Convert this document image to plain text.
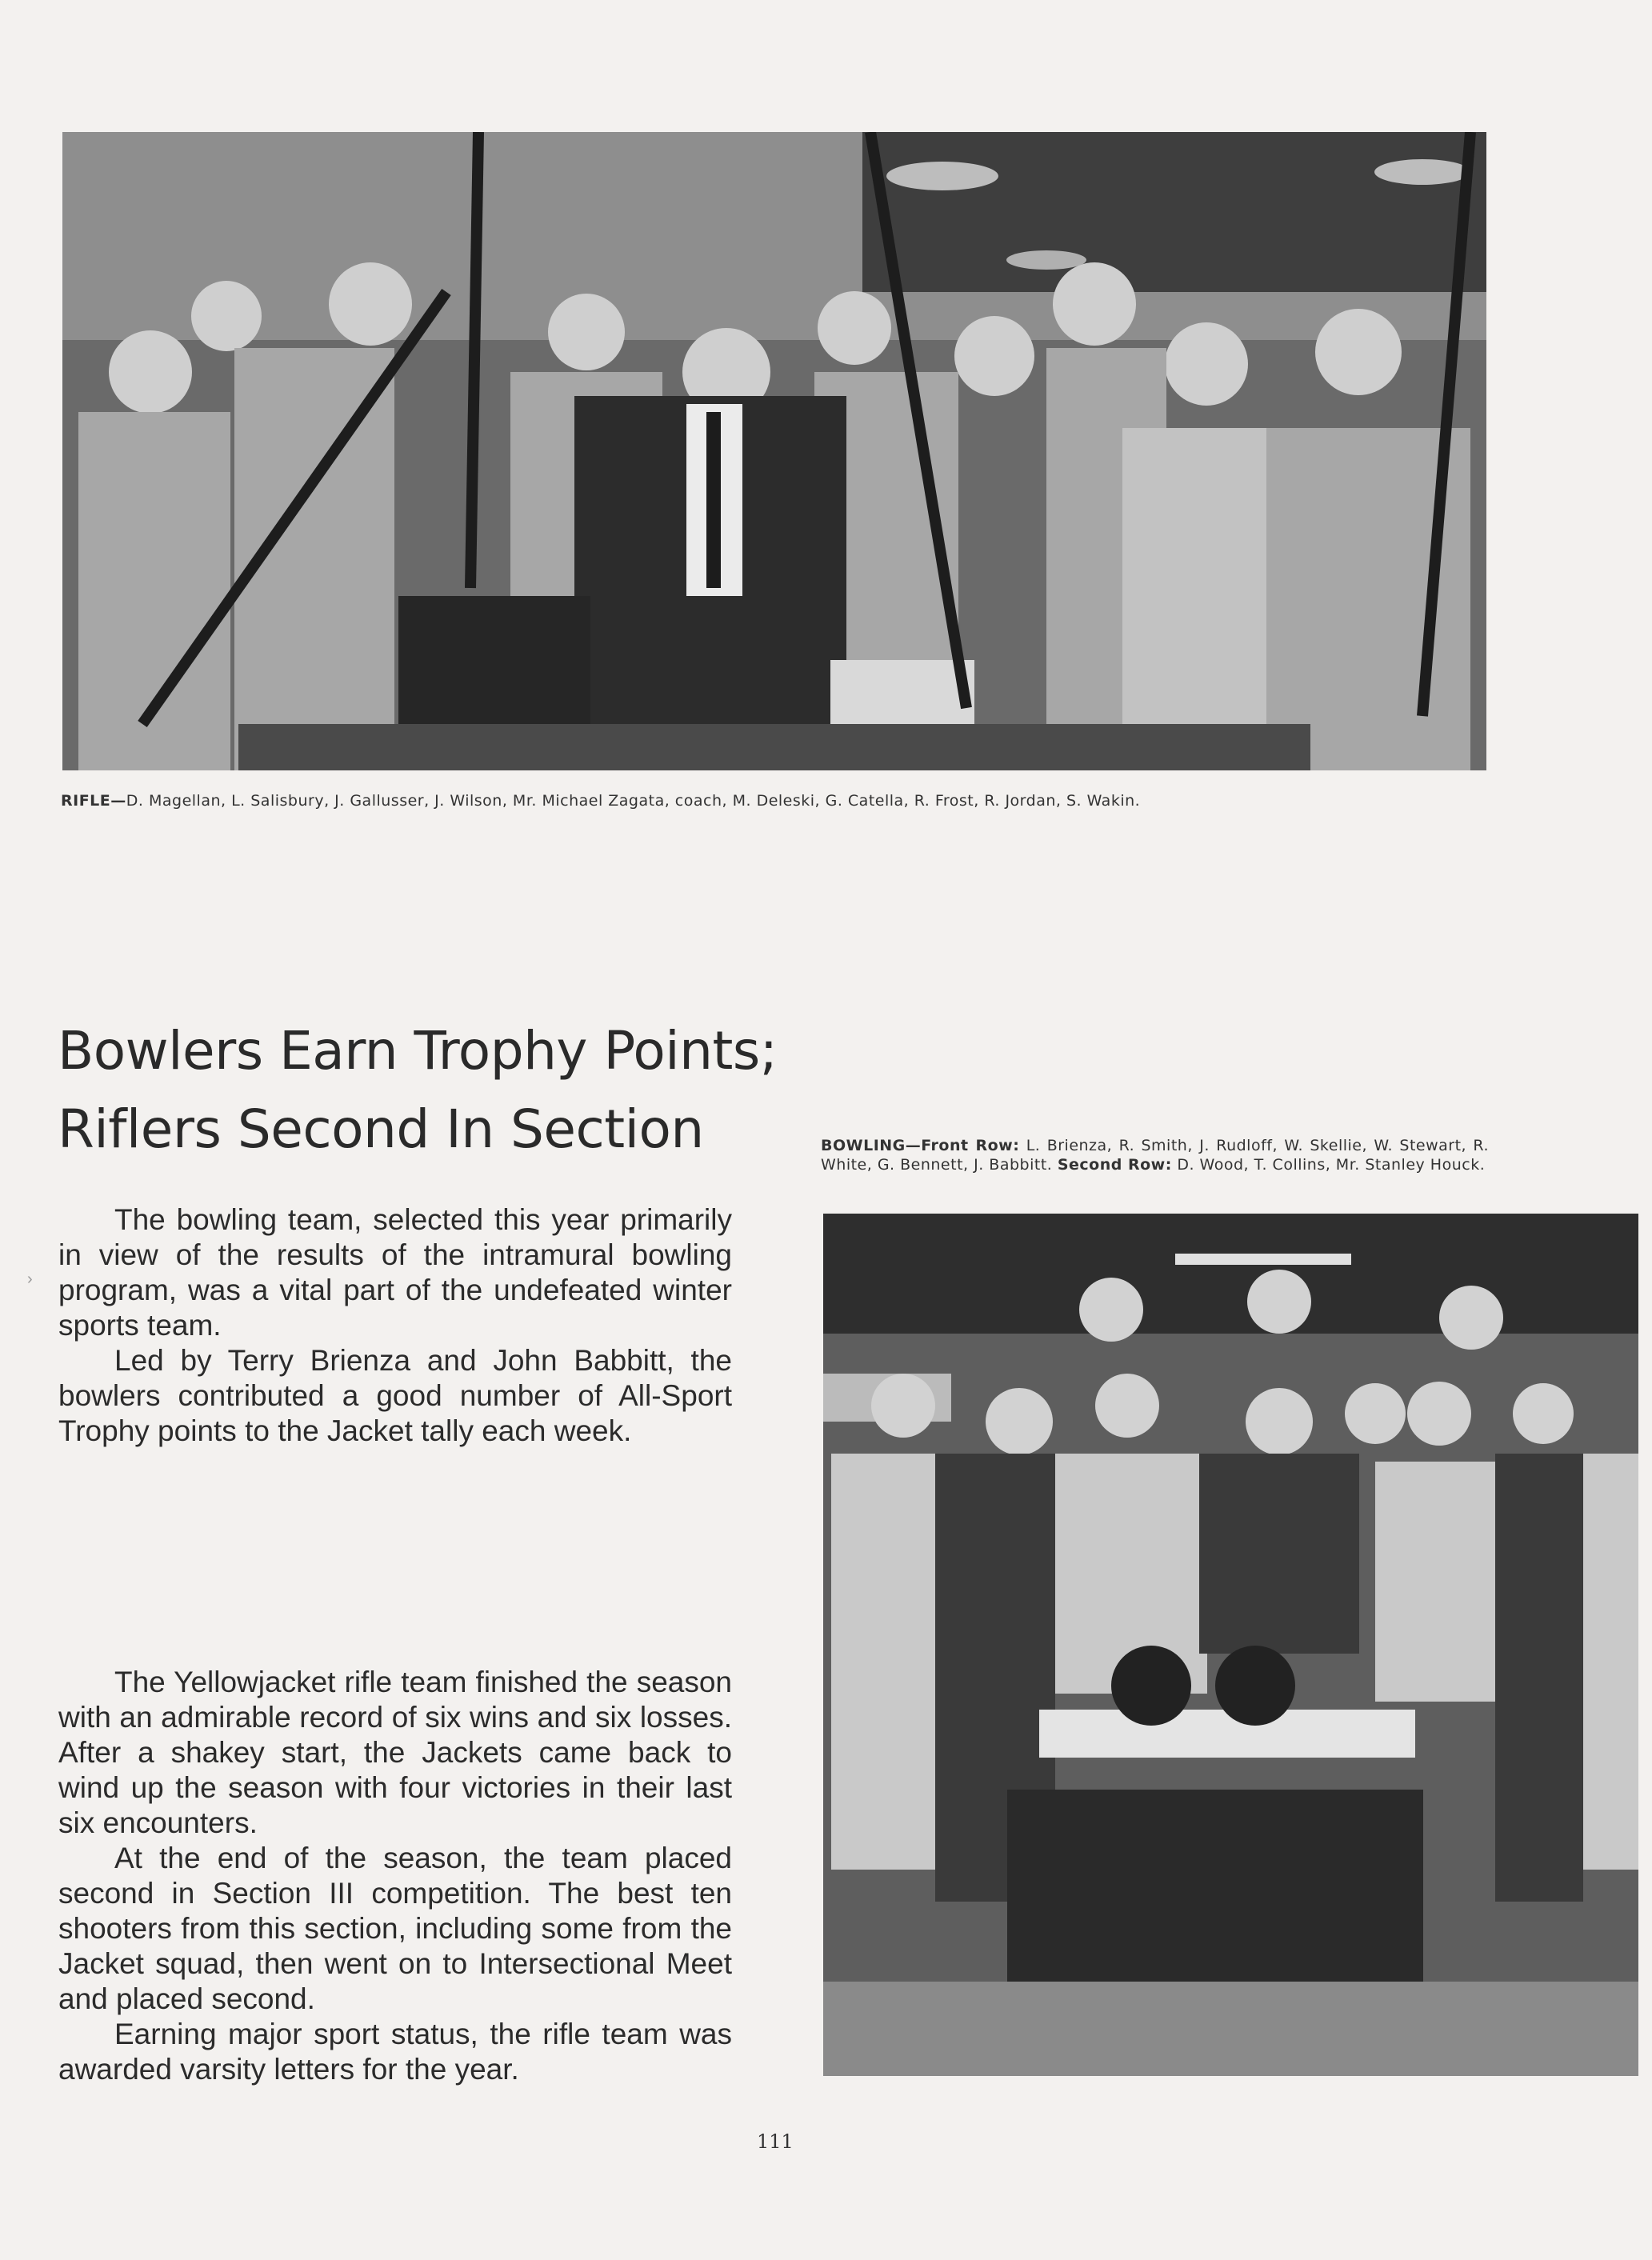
RIFLE—D. Magellan, L. Salisbury, J. Gallusser, J. Wilson, Mr. Michael Zagata, coach, M. Deleski, G. Catella, R. Frost, R. Jordan, S. Wakin.
Bowlers Earn Trophy Points;
Riflers Second In Section	BOWLING—Front Row: L. Brienza, R. Smith, J. Rudloff, W. Skellie, W. Stewart, R. White, G. Bennett, J. Babbitt. Second Row: D. Wood, T. Collins, Mr. Stanley Houck.

The bowling team, selected this year primarily in view of the results of the intramural bowling program, was a vital part of the undefeated winter sports team.

Led by Terry Brienza and John Babbitt, the bowlers contributed a good number of All-Sport Trophy points to the Jacket tally each week.

The Yellowjacket rifle team finished the season with an admirable record of six wins and six losses. After a shakey start, the Jackets came back to wind up the season with four victories in their last six encounters.

At the end of the season, the team placed second in Section III competition. The best ten shooters from this section, including some from the Jacket squad, then went on to Intersectional Meet and placed second.

Earning major sport status, the rifle team was awarded varsity letters for the year.

›
111
